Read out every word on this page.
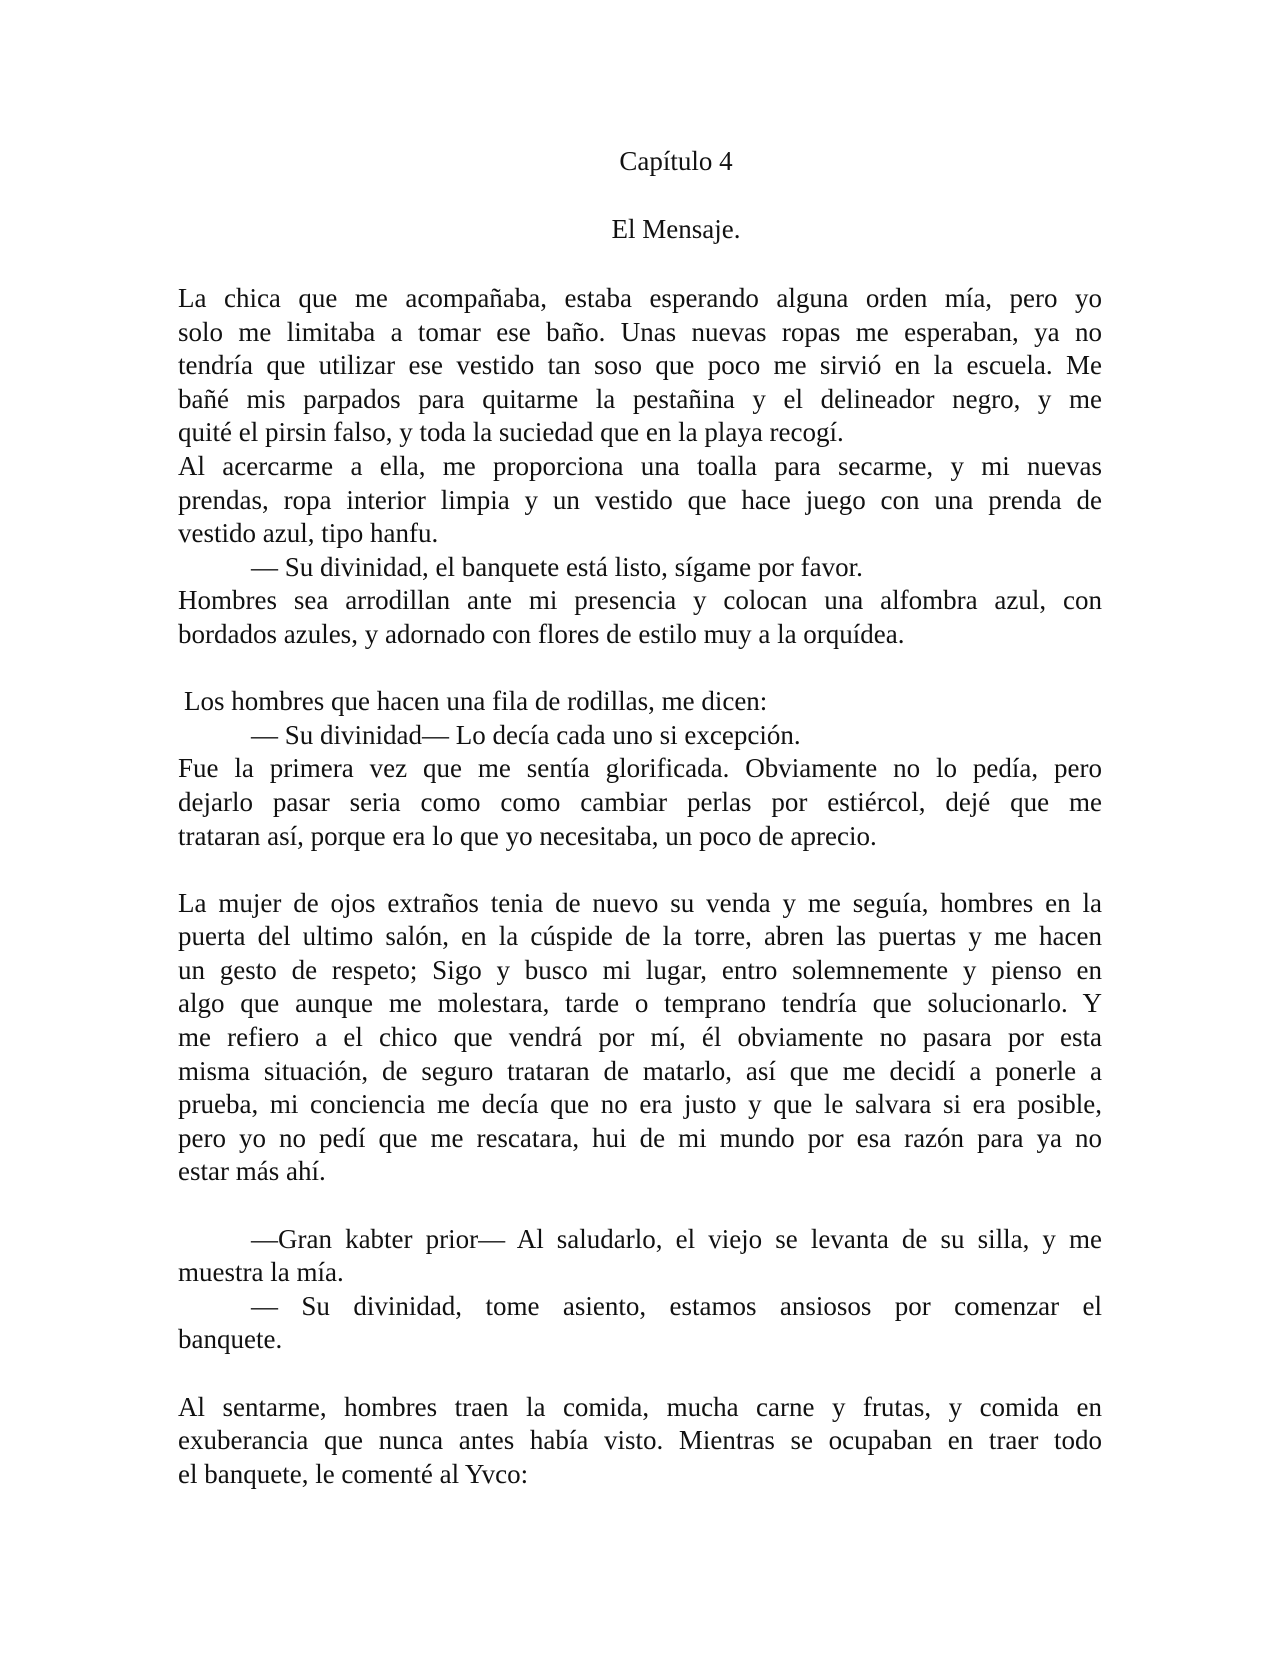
Capítulo 4
El Mensaje.
La chica que me acompañaba, estaba esperando alguna orden mía, pero yo
solo me limitaba a tomar ese baño. Unas nuevas ropas me esperaban, ya no
tendría que utilizar ese vestido tan soso que poco me sirvió en la escuela. Me
bañé mis parpados para quitarme la pestañina y el delineador negro, y me
quité el pirsin falso, y toda la suciedad que en la playa recogí.
Al acercarme a ella, me proporciona una toalla para secarme, y mi nuevas
prendas, ropa interior limpia y un vestido que hace juego con una prenda de
vestido azul, tipo hanfu.
— Su divinidad, el banquete está listo, sígame por favor.
Hombres sea arrodillan ante mi presencia y colocan una alfombra azul, con
bordados azules, y adornado con flores de estilo muy a la orquídea.
Los hombres que hacen una fila de rodillas, me dicen:
— Su divinidad— Lo decía cada uno si excepción.
Fue la primera vez que me sentía glorificada. Obviamente no lo pedía, pero
dejarlo pasar seria como como cambiar perlas por estiércol, dejé que me
trataran así, porque era lo que yo necesitaba, un poco de aprecio.
La mujer de ojos extraños tenia de nuevo su venda y me seguía, hombres en la
puerta del ultimo salón, en la cúspide de la torre, abren las puertas y me hacen
un gesto de respeto; Sigo y busco mi lugar, entro solemnemente y pienso en
algo que aunque me molestara, tarde o temprano tendría que solucionarlo. Y
me refiero a el chico que vendrá por mí, él obviamente no pasara por esta
misma situación, de seguro trataran de matarlo, así que me decidí a ponerle a
prueba, mi conciencia me decía que no era justo y que le salvara si era posible,
pero yo no pedí que me rescatara, hui de mi mundo por esa razón para ya no
estar más ahí.
—Gran kabter prior— Al saludarlo, el viejo se levanta de su silla, y me
muestra la mía.
— Su divinidad, tome asiento, estamos ansiosos por comenzar el
banquete.
Al sentarme, hombres traen la comida, mucha carne y frutas, y comida en
exuberancia que nunca antes había visto. Mientras se ocupaban en traer todo
el banquete, le comenté al Yvco:
